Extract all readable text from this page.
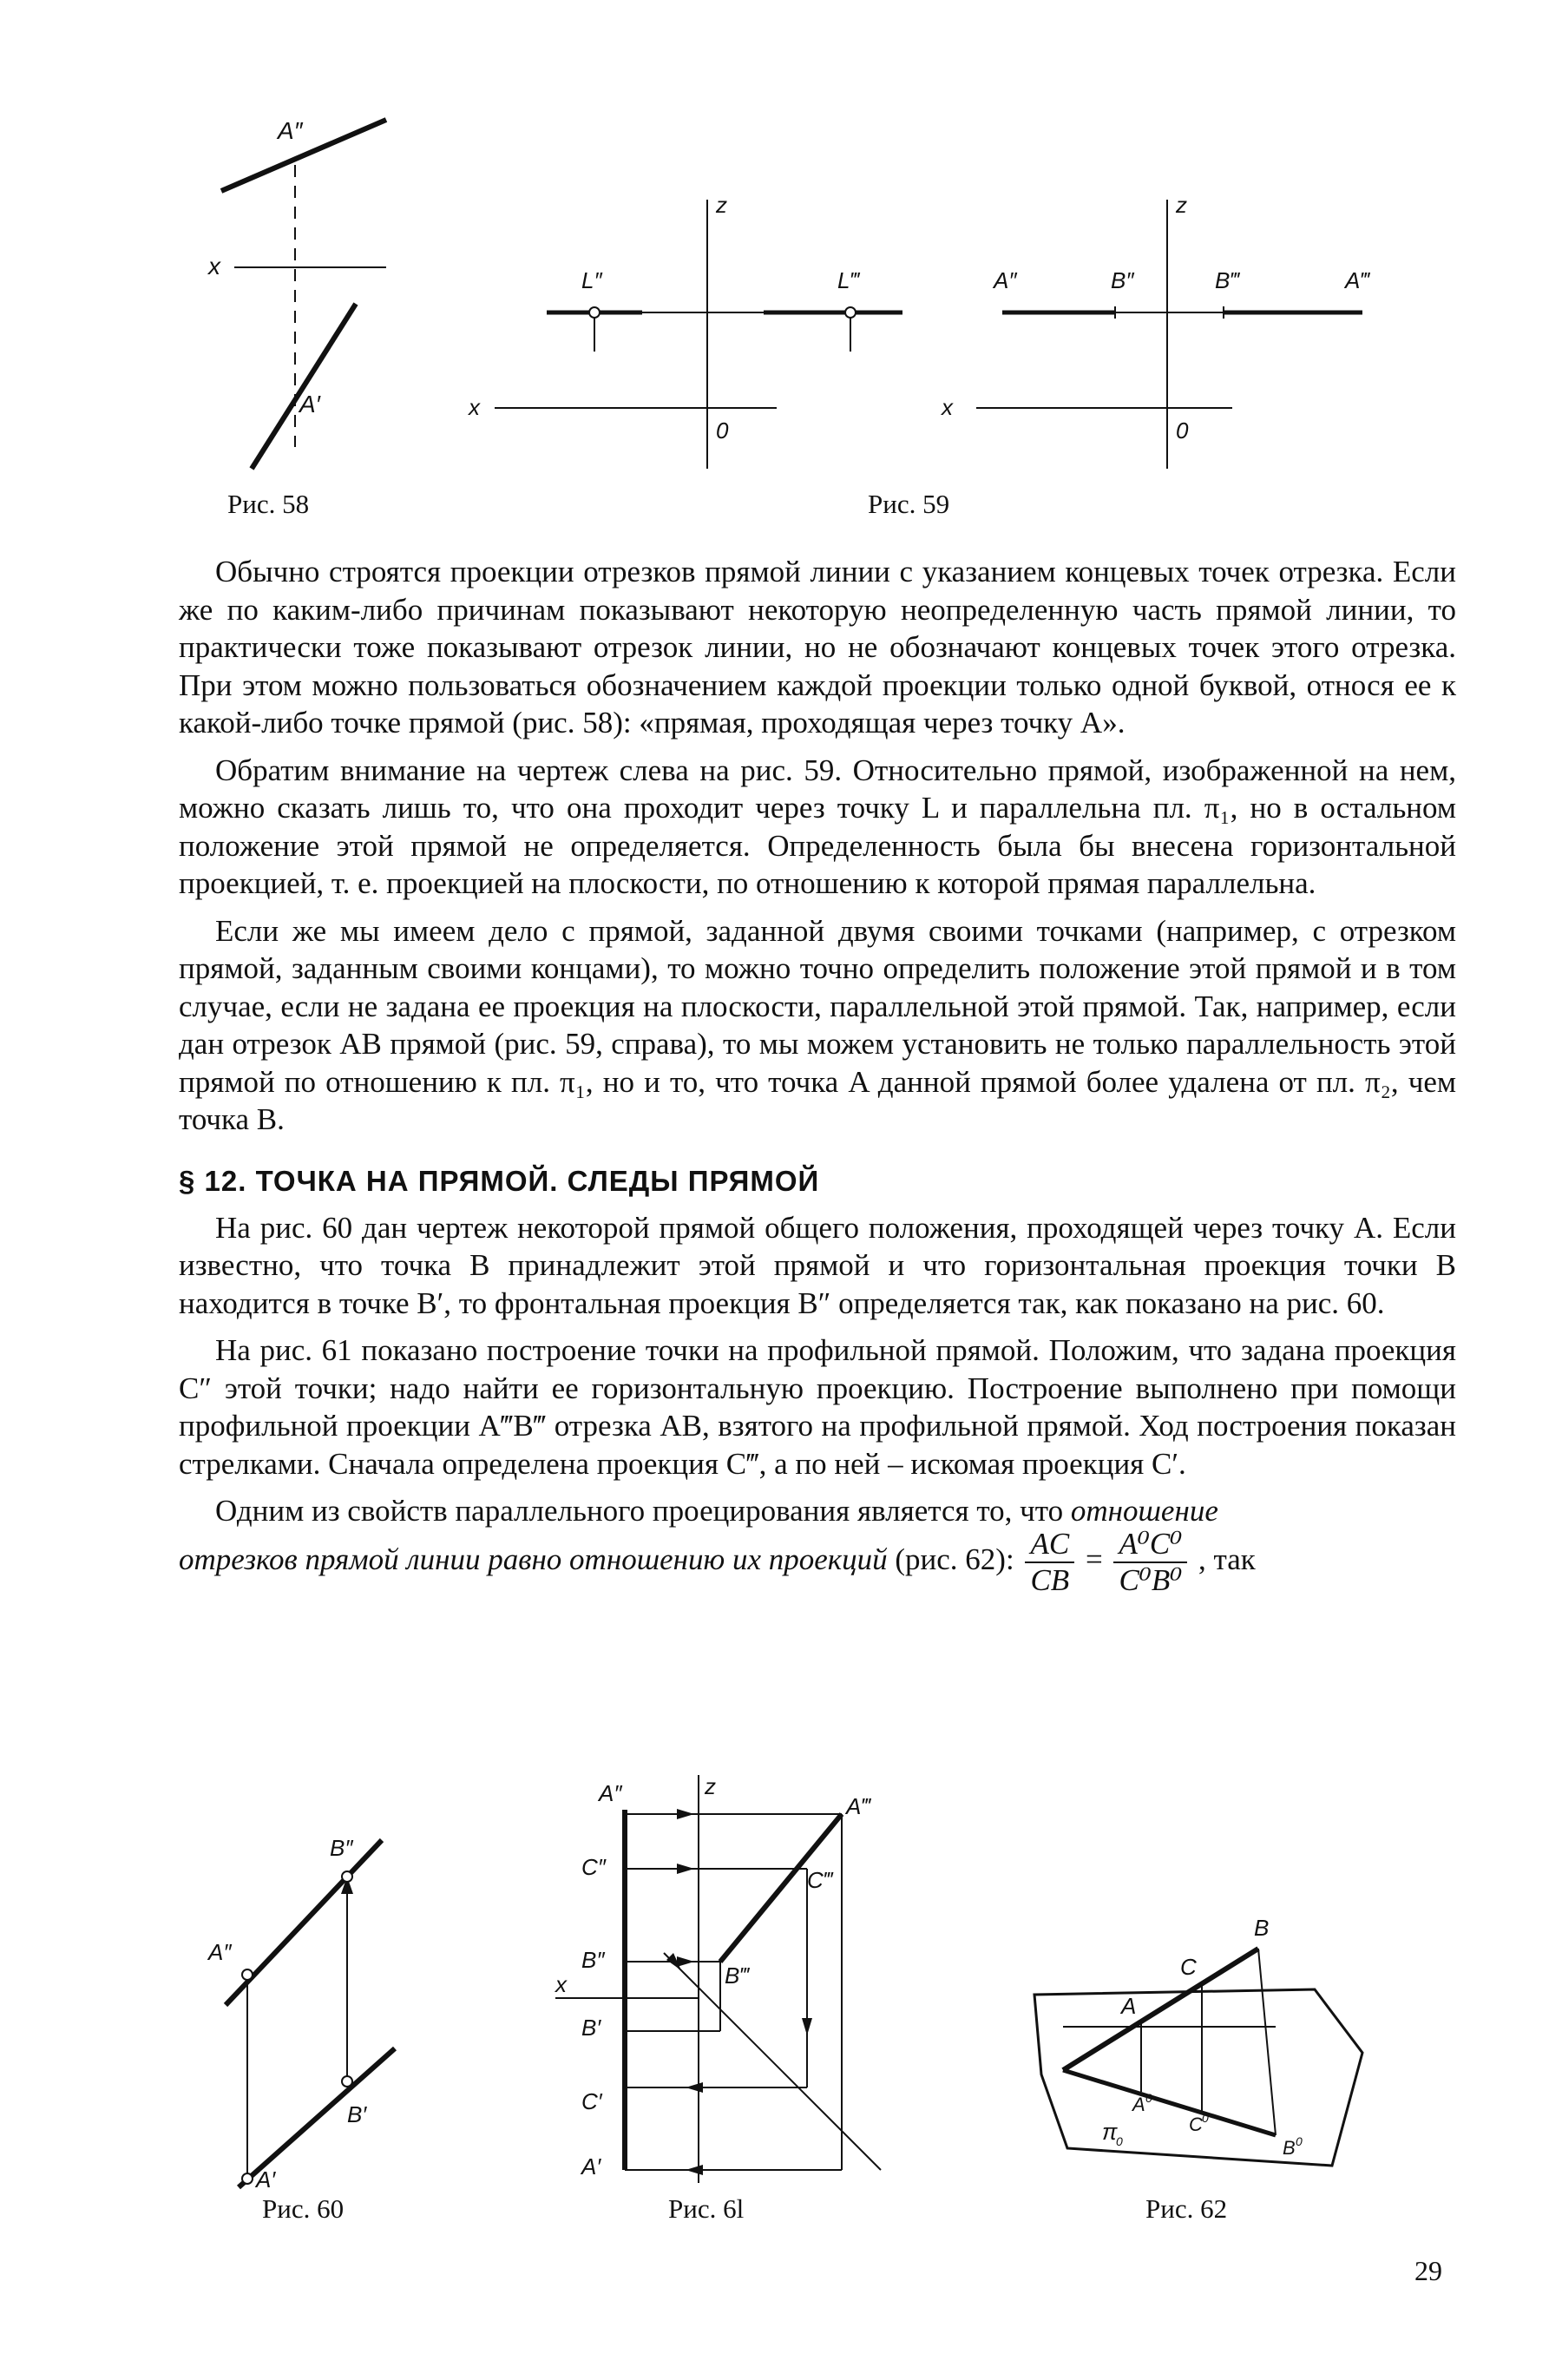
A″
x
A′
Рис. 58
z
x
0
L″	L‴
z
x
0
A″	B″	B‴	A‴
Рис. 59

Обычно строятся проекции отрезков прямой линии с указанием концевых точек отрезка. Если же по каким-либо причинам показывают некоторую неопределенную часть прямой линии, то практически тоже показывают отрезок линии, но не обозначают концевых точек этого отрезка. При этом можно пользоваться обозначением каждой проекции только одной буквой, относя ее к какой-либо точке прямой (рис. 58): «прямая, проходящая через точку A».

Обратим внимание на чертеж слева на рис. 59. Относительно прямой, изображенной на нем, можно сказать лишь то, что она проходит через точку L и параллельна пл. π₁, но в остальном положение этой прямой не определяется. Определенность была бы внесена горизонтальной проекцией, т. е. проекцией на плоскости, по отношению к которой прямая параллельна.

Если же мы имеем дело с прямой, заданной двумя своими точками (например, с отрезком прямой, заданным своими концами), то можно точно определить положение этой прямой и в том случае, если не задана ее проекция на плоскости, параллельной этой прямой. Так, например, если дан отрезок AB прямой (рис. 59, справа), то мы можем установить не только параллельность этой прямой по отношению к пл. π₁, но и то, что точка A данной прямой более удалена от пл. π₂, чем точка B.

§ 12. ТОЧКА НА ПРЯМОЙ. СЛЕДЫ ПРЯМОЙ

На рис. 60 дан чертеж некоторой прямой общего положения, проходящей через точку A. Если известно, что точка B принадлежит этой прямой и что горизонтальная проекция точки B находится в точке B′, то фронтальная проекция B″ определяется так, как показано на рис. 60.

На рис. 61 показано построение точки на профильной прямой. Положим, что задана проекция C″ этой точки; надо найти ее горизонтальную проекцию. Построение выполнено при помощи профильной проекции A‴B‴ отрезка AB, взятого на профильной прямой. Ход построения показан стрелками. Сначала определена проекция C‴, а по ней – искомая проекция C′.

Одним из свойств параллельного проецирования является то, что отношение

отрезков прямой линии равно отношению их проекций (рис. 62): $\frac{AC}{CB} = \frac{\text{A⁰C⁰}}{\text{C⁰B⁰}}$ , так

B″
A″
B′
A′
Рис. 60
A″	z
A‴
C″	C‴
B″
B‴
x
B′
C′
A′
Рис. 6l
B
C
A
A 0
C 0
B 0
π
0
Рис. 62
29
